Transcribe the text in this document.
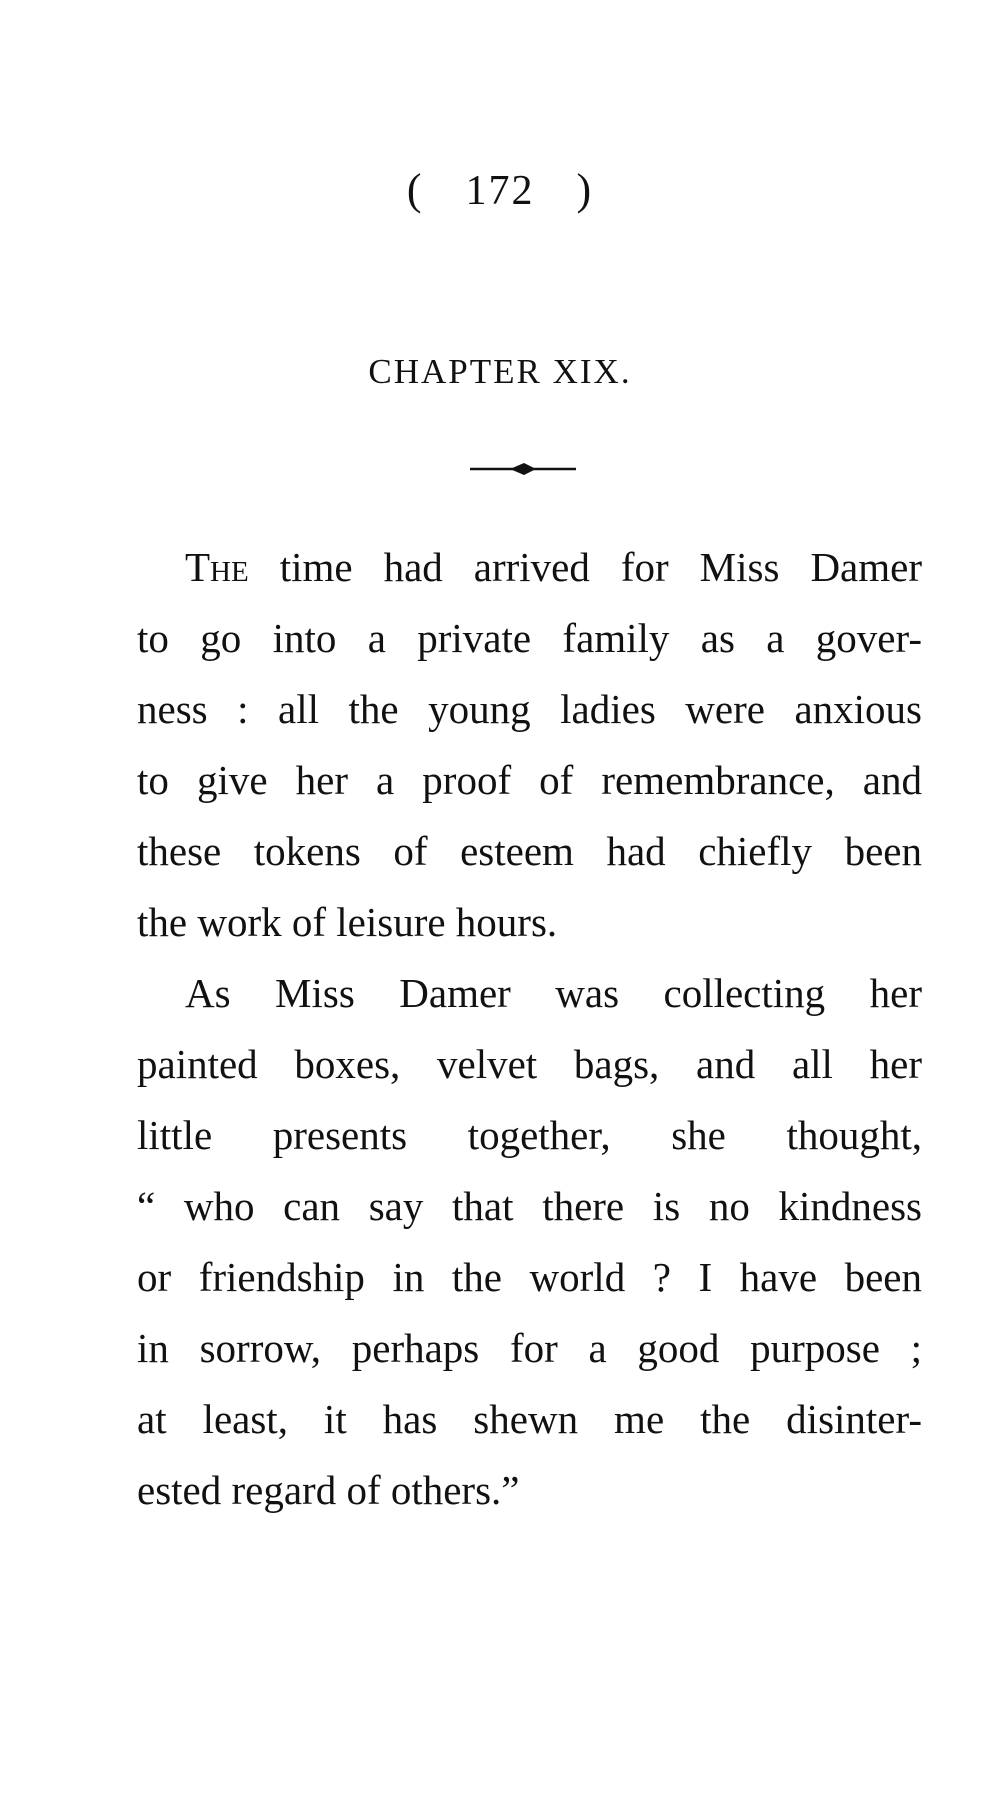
( 172 )
CHAPTER XIX.

The time had arrived for Miss Damer
to go into a private family as a gover-
ness : all the young ladies were anxious
to give her a proof of remembrance, and
these tokens of esteem had chiefly been
the work of leisure hours.

As Miss Damer was collecting her
painted boxes, velvet bags, and all her
little presents together, she thought,
“ who can say that there is no kindness
or friendship in the world ? I have been
in sorrow, perhaps for a good purpose ;
at least, it has shewn me the disinter-
ested regard of others.”
